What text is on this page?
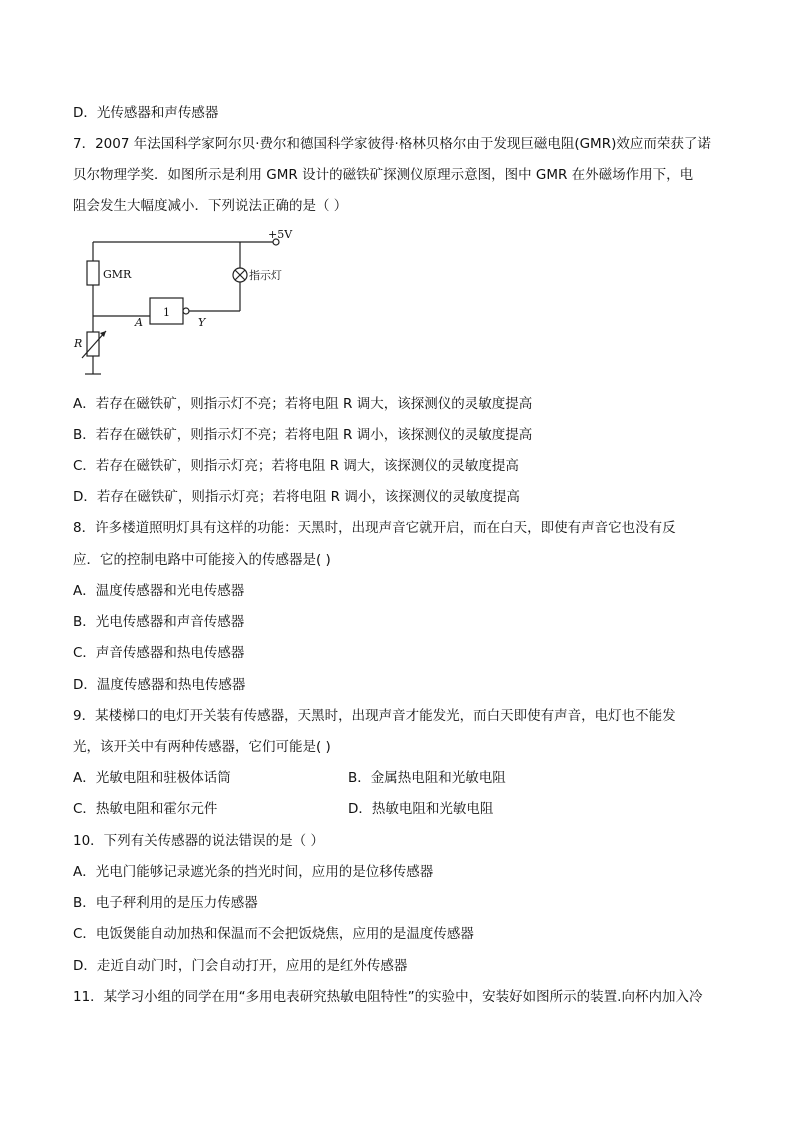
D．光传感器和声传感器
7．2007 年法国科学家阿尔贝·费尔和德国科学家彼得·格林贝格尔由于发现巨磁电阻(GMR)效应而荣获了诺
贝尔物理学奖．如图所示是利用 GMR 设计的磁铁矿探测仪原理示意图，图中 GMR 在外磁场作用下，电
阻会发生大幅度减小．下列说法正确的是（ ）
+5V
GMR	指示灯
1
A	Y
R
A．若存在磁铁矿，则指示灯不亮；若将电阻 R 调大，该探测仪的灵敏度提高
B．若存在磁铁矿，则指示灯不亮；若将电阻 R 调小，该探测仪的灵敏度提高
C．若存在磁铁矿，则指示灯亮；若将电阻 R 调大，该探测仪的灵敏度提高
D．若存在磁铁矿，则指示灯亮；若将电阻 R 调小，该探测仪的灵敏度提高
8．许多楼道照明灯具有这样的功能：天黑时，出现声音它就开启，而在白天，即使有声音它也没有反
应．它的控制电路中可能接入的传感器是( )
A．温度传感器和光电传感器
B．光电传感器和声音传感器
C．声音传感器和热电传感器
D．温度传感器和热电传感器
9．某楼梯口的电灯开关装有传感器，天黑时，出现声音才能发光，而白天即使有声音，电灯也不能发
光，该开关中有两种传感器，它们可能是( )
A．光敏电阻和驻极体话筒	B．金属热电阻和光敏电阻
C．热敏电阻和霍尔元件	D．热敏电阻和光敏电阻
10．下列有关传感器的说法错误的是（ ）
A．光电门能够记录遮光条的挡光时间，应用的是位移传感器
B．电子秤利用的是压力传感器
C．电饭煲能自动加热和保温而不会把饭烧焦，应用的是温度传感器
D．走近自动门时，门会自动打开，应用的是红外传感器
11．某学习小组的同学在用“多用电表研究热敏电阻特性”的实验中，安装好如图所示的装置.向杯内加入冷
